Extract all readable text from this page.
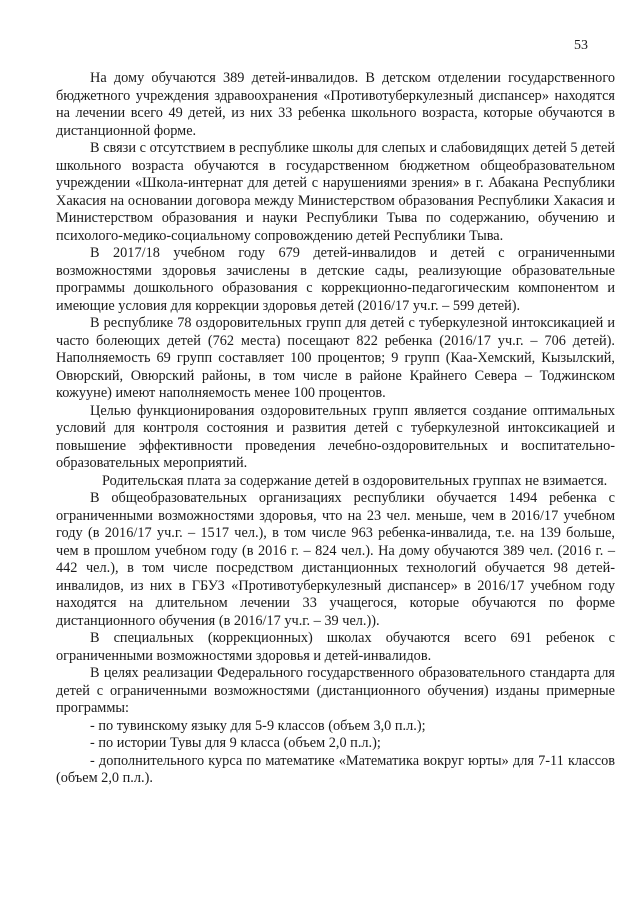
53

На дому обучаются 389 детей-инвалидов. В детском отделении государственного бюджетного учреждения здравоохранения «Противотуберкулезный диспансер» находятся на лечении всего 49 детей, из них 33 ребенка школьного возраста, которые обучаются в дистанционной форме.

В связи с отсутствием в республике школы для слепых и слабовидящих детей 5 детей школьного возраста обучаются в государственном бюджетном общеобразовательном учреждении «Школа-интернат для детей с нарушениями зрения» в г. Абакана Республики Хакасия на основании договора между Министерством образования Республики Хакасия и Министерством образования и науки Республики Тыва по содержанию, обучению и психолого-медико-социальному сопровождению детей Республики Тыва.

В 2017/18 учебном году 679 детей-инвалидов и детей с ограниченными возможностями здоровья зачислены в детские сады, реализующие образовательные программы дошкольного образования с коррекционно-педагогическим компонентом и имеющие условия для коррекции здоровья детей (2016/17 уч.г. – 599 детей).

В республике 78 оздоровительных групп для детей с туберкулезной интоксикацией и часто болеющих детей (762 места) посещают 822 ребенка (2016/17 уч.г. – 706 детей). Наполняемость 69 групп составляет 100 процентов; 9 групп (Каа-Хемский, Кызылский, Овюрский, Овюрский районы, в том числе в районе Крайнего Севера – Тоджинском кожууне) имеют наполняемость менее 100 процентов.

Целью функционирования оздоровительных групп является создание оптимальных условий для контроля состояния и развития детей с туберкулезной интоксикацией и повышение эффективности проведения лечебно-оздоровительных и воспитательно-образовательных мероприятий.

Родительская плата за содержание детей в оздоровительных группах не взимается.

В общеобразовательных организациях республики обучается 1494 ребенка с ограниченными возможностями здоровья, что на 23 чел. меньше, чем в 2016/17 учебном году (в 2016/17 уч.г. – 1517 чел.), в том числе 963 ребенка-инвалида, т.е. на 139 больше, чем в прошлом учебном году (в 2016 г. – 824 чел.). На дому обучаются 389 чел. (2016 г. – 442 чел.), в том числе посредством дистанционных технологий обучается 98 детей-инвалидов, из них в ГБУЗ «Противотуберкулезный диспансер» в 2016/17 учебном году находятся на длительном лечении 33 учащегося, которые обучаются по форме дистанционного обучения (в 2016/17 уч.г. – 39 чел.)).

В специальных (коррекционных) школах обучаются всего 691 ребенок с ограниченными возможностями здоровья и детей-инвалидов.

В целях реализации Федерального государственного образовательного стандарта для детей с ограниченными возможностями (дистанционного обучения) изданы примерные программы:

- по тувинскому языку для 5-9 классов (объем 3,0 п.л.);

- по истории Тувы для 9 класса (объем 2,0 п.л.);

- дополнительного курса по математике «Математика вокруг юрты» для 7-11 классов (объем 2,0 п.л.).
